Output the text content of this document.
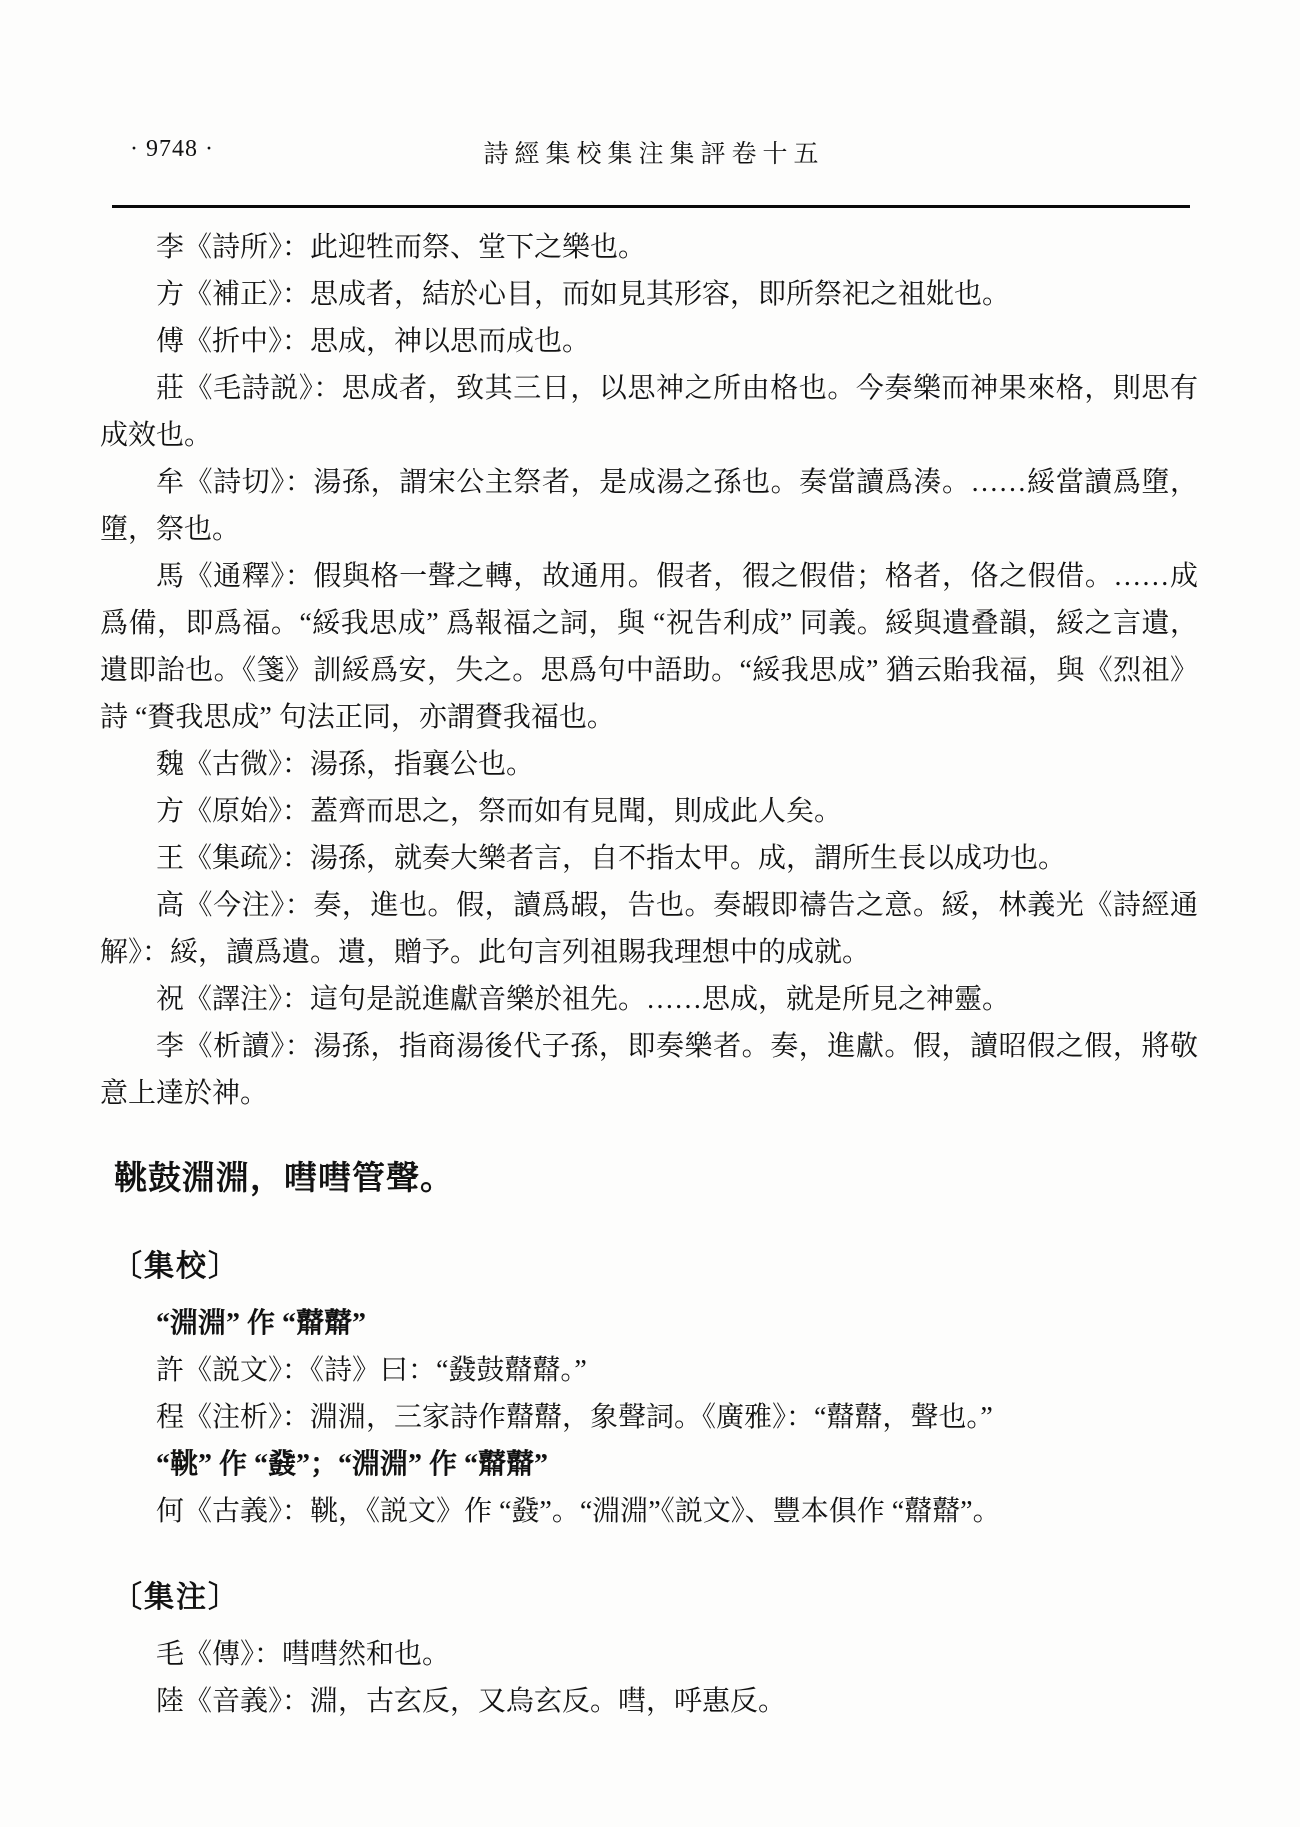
· 9748 ·	詩經集校集注集評卷十五

李《詩所》：此迎牲而祭、堂下之樂也。

方《補正》：思成者，結於心目，而如見其形容，即所祭祀之祖妣也。

傅《折中》：思成，神以思而成也。

莊《毛詩説》：思成者，致其三日，以思神之所由格也。今奏樂而神果來格，則思有成效也。

牟《詩切》：湯孫，謂宋公主祭者，是成湯之孫也。奏當讀爲湊。……綏當讀爲墮，墮，祭也。

馬《通釋》：假與格一聲之轉，故通用。假者，徦之假借；格者，佫之假借。……成爲備，即爲福。“綏我思成” 爲報福之詞，與 “祝告利成” 同義。綏與遺叠韻，綏之言遺，遺即詒也。《箋》訓綏爲安，失之。思爲句中語助。“綏我思成” 猶云貽我福，與《烈祖》詩 “賚我思成” 句法正同，亦謂賚我福也。

魏《古微》：湯孫，指襄公也。

方《原始》：蓋齊而思之，祭而如有見聞，則成此人矣。

王《集疏》：湯孫，就奏大樂者言，自不指太甲。成，謂所生長以成功也。

高《今注》：奏，進也。假，讀爲嘏，告也。奏嘏即禱告之意。綏，林義光《詩經通解》：綏，讀爲遺。遺，贈予。此句言列祖賜我理想中的成就。

祝《譯注》：這句是説進獻音樂於祖先。……思成，就是所見之神靈。

李《析讀》：湯孫，指商湯後代子孫，即奏樂者。奏，進獻。假，讀昭假之假，將敬意上達於神。

鞉鼓淵淵，嘒嘒管聲。
〔集校〕

“淵淵” 作 “鼘鼘”

許《説文》：《詩》曰：“鼗鼓鼘鼘。”

程《注析》：淵淵，三家詩作鼘鼘，象聲詞。《廣雅》：“鼘鼘，聲也。”

“鞉” 作 “鼗”；“淵淵” 作 “鼘鼘”

何《古義》：鞉，《説文》作 “鼗”。“淵淵”《説文》、豐本俱作 “鼘鼘”。

〔集注〕

毛《傳》：嘒嘒然和也。

陸《音義》：淵，古玄反，又烏玄反。嘒，呼惠反。
